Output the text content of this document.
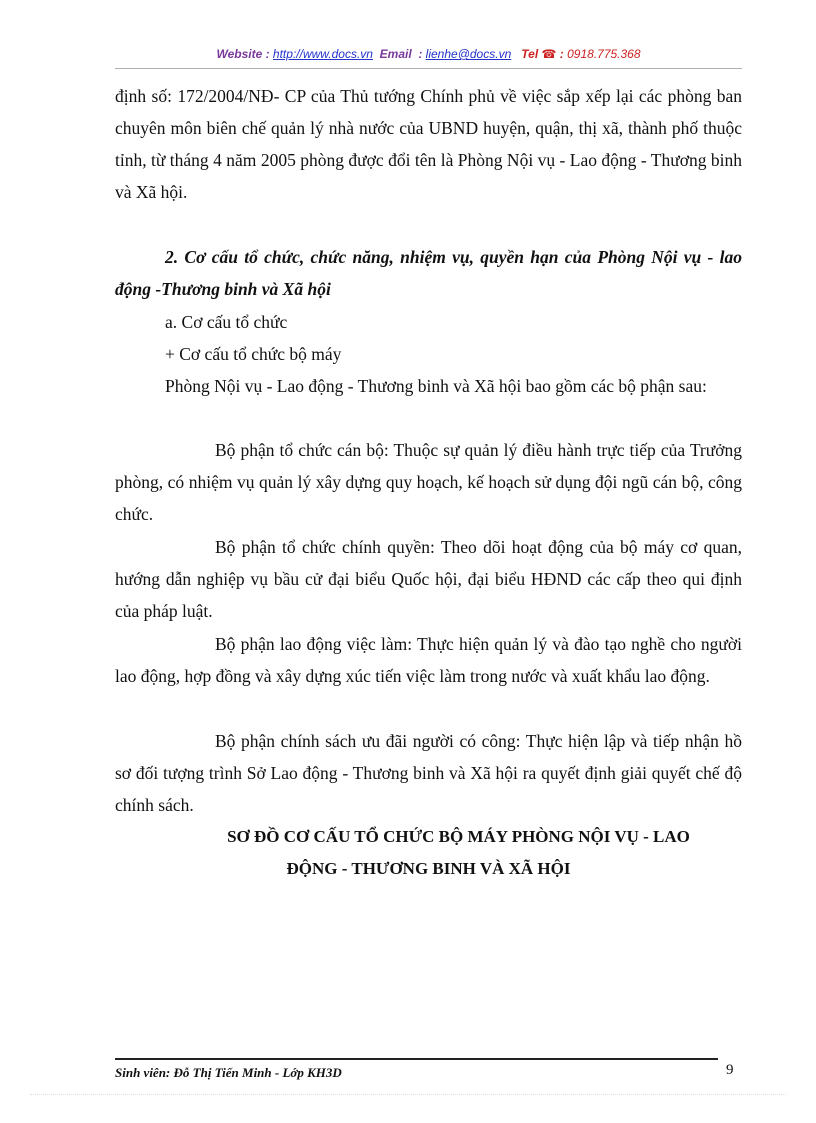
Website : http://www.docs.vn Email : lienhe@docs.vn Tel ☎ : 0918.775.368

định số: 172/2004/NĐ- CP của Thủ tướng Chính phủ về việc sắp xếp lại các phòng ban chuyên môn biên chế quản lý nhà nước của UBND huyện, quận, thị xã, thành phố thuộc tỉnh, từ tháng 4 năm 2005 phòng được đổi tên là Phòng Nội vụ - Lao động - Thương binh và Xã hội.

2. Cơ cấu tổ chức, chức năng, nhiệm vụ, quyền hạn của Phòng Nội vụ - lao động -Thương binh và Xã hội

a. Cơ cấu tổ chức
+ Cơ cấu tổ chức bộ máy

Phòng Nội vụ - Lao động - Thương binh và Xã hội bao gồm các bộ phận sau:

Bộ phận tổ chức cán bộ: Thuộc sự quản lý điều hành trực tiếp của Trưởng phòng, có nhiệm vụ quản lý xây dựng quy hoạch, kế hoạch sử dụng đội ngũ cán bộ, công chức.

Bộ phận tổ chức chính quyền: Theo dõi hoạt động của bộ máy cơ quan, hướng dẫn nghiệp vụ bầu cử đại biểu Quốc hội, đại biểu HĐND các cấp theo qui định của pháp luật.

Bộ phận lao động việc làm: Thực hiện quản lý và đào tạo nghề cho người lao động, hợp đồng và xây dựng xúc tiến việc làm trong nước và xuất khẩu lao động.

Bộ phận chính sách ưu đãi người có công: Thực hiện lập và tiếp nhận hồ sơ đối tượng trình Sở Lao động - Thương binh và Xã hội ra quyết định giải quyết chế độ chính sách.

SƠ ĐỒ CƠ CẤU TỔ CHỨC BỘ MÁY PHÒNG NỘI VỤ - LAO

ĐỘNG - THƯƠNG BINH VÀ XÃ HỘI

Sinh viên: Đỗ Thị Tiến Minh - Lớp KH3D	9
